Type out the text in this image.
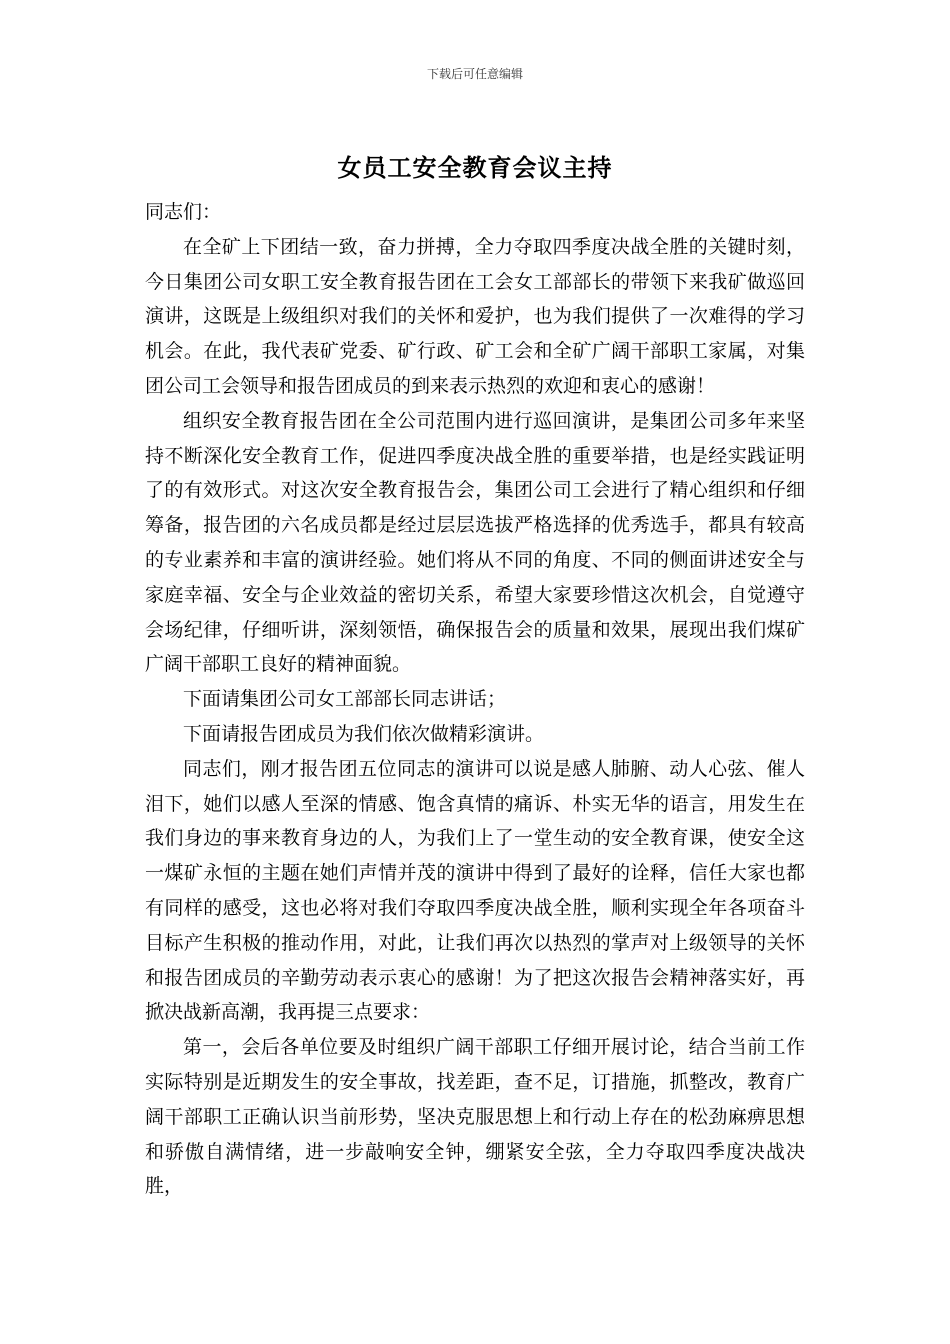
下载后可任意编辑
女员工安全教育会议主持

同志们：

在全矿上下团结一致，奋力拼搏，全力夺取四季度决战全胜的关键时刻，今日集团公司女职工安全教育报告团在工会女工部部长的带领下来我矿做巡回演讲，这既是上级组织对我们的关怀和爱护，也为我们提供了一次难得的学习机会。在此，我代表矿党委、矿行政、矿工会和全矿广阔干部职工家属，对集团公司工会领导和报告团成员的到来表示热烈的欢迎和衷心的感谢！

组织安全教育报告团在全公司范围内进行巡回演讲，是集团公司多年来坚持不断深化安全教育工作，促进四季度决战全胜的重要举措，也是经实践证明了的有效形式。对这次安全教育报告会，集团公司工会进行了精心组织和仔细筹备，报告团的六名成员都是经过层层选拔严格选择的优秀选手，都具有较高的专业素养和丰富的演讲经验。她们将从不同的角度、不同的侧面讲述安全与家庭幸福、安全与企业效益的密切关系，希望大家要珍惜这次机会，自觉遵守会场纪律，仔细听讲，深刻领悟，确保报告会的质量和效果，展现出我们煤矿广阔干部职工良好的精神面貌。

下面请集团公司女工部部长同志讲话；

下面请报告团成员为我们依次做精彩演讲。

同志们，刚才报告团五位同志的演讲可以说是感人肺腑、动人心弦、催人泪下，她们以感人至深的情感、饱含真情的痛诉、朴实无华的语言，用发生在我们身边的事来教育身边的人，为我们上了一堂生动的安全教育课，使安全这一煤矿永恒的主题在她们声情并茂的演讲中得到了最好的诠释，信任大家也都有同样的感受，这也必将对我们夺取四季度决战全胜，顺利实现全年各项奋斗目标产生积极的推动作用，对此，让我们再次以热烈的掌声对上级领导的关怀和报告团成员的辛勤劳动表示衷心的感谢！为了把这次报告会精神落实好，再掀决战新高潮，我再提三点要求：

第一，会后各单位要及时组织广阔干部职工仔细开展讨论，结合当前工作实际特别是近期发生的安全事故，找差距，查不足，订措施，抓整改，教育广阔干部职工正确认识当前形势，坚决克服思想上和行动上存在的松劲麻痹思想和骄傲自满情绪，进一步敲响安全钟，绷紧安全弦，全力夺取四季度决战决胜，
